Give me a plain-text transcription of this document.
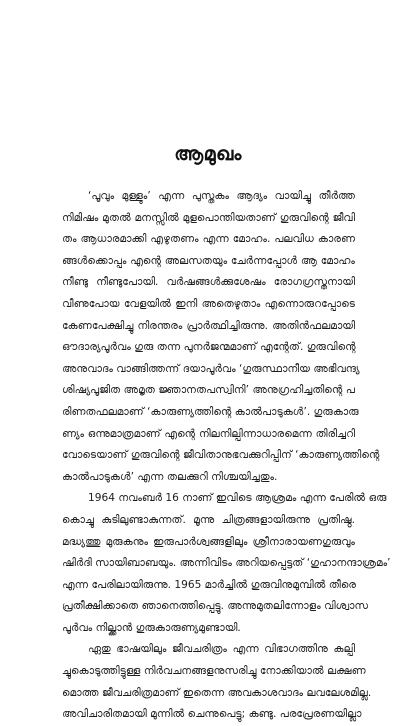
ആമുഖം
‘പൂവും മുള്ളും’ എന്ന പുസ്തകം ആദ്യം വായിച്ചു തീർത്ത
നിമിഷം മുതൽ മനസ്സിൽ മുളപൊന്തിയതാണ് ഗുരുവിന്റെ ജീവി
തം ആധാരമാക്കി എഴുതണം എന്ന മോഹം. പലവിധ കാരണ
ങ്ങൾക്കൊപ്പം എന്റെ അലസതയും ചേർന്നപ്പോൾ ആ മോഹം
നീണ്ടു നീണ്ടുപോയി. വർഷങ്ങൾക്കുശേഷം രോഗഗ്രസ്തനായി
വീണുപോയ വേളയിൽ ഇനി അതെഴുതാം എന്നൊരുറപ്പോടെ
കേണപേക്ഷിച്ചു നിരന്തരം പ്രാർത്ഥിച്ചിരുന്നു. അതിൻഫലമായി
ഔദാര്യപൂർവം ഗുരു തന്ന പുനർജന്മമാണ് എന്റേത്. ഗുരുവിന്റെ
അനുവാദം വാങ്ങിത്തന്ന് ദയാപൂർവം ‘ഗുരുസ്ഥാനീയ അഭിവന്ദ്യ
ശിഷ്യപൂജിത അമൃത ജ്ഞാനതപസ്വിനി’ അനുഗ്രഹിച്ചതിന്റെ പ
രിണതഫലമാണ് ‘കാരുണ്യത്തിന്റെ കാൽപാടുകൾ’. ഗുരുകാരു
ണ്യം ഒന്നുമാത്രമാണ് എന്റെ നിലനില്പിന്നാധാരമെന്ന തിരിച്ചറി
വോടെയാണ് ഗുരുവിന്റെ ജീവിതാനുഭവക്കുറിപ്പിന് ‘കാരുണ്യത്തിന്റെ
കാൽപാടുകൾ’ എന്ന തലക്കുറി നിശ്ചയിച്ചതും.
1964 നവംബർ 16 നാണ് ഇവിടെ ആശ്രമം എന്ന പേരിൽ ഒരു
കൊച്ചു കുടിലുണ്ടാകുന്നത്. മൂന്നു ചിത്രങ്ങളായിരുന്നു പ്രതിഷ്ഠ.
മദ്ധ്യത്തു മുരുകനും ഇരുപാർശ്വങ്ങളിലും ശ്രീനാരായണഗുരുവും
ഷിർദി സായിബാബയും. അന്നിവിടം അറിയപ്പെട്ടത് ‘ഗുഹാനന്ദാശ്രമം’
എന്ന പേരിലായിരുന്നു. 1965 മാർച്ചിൽ ഗുരുവിനുമുമ്പിൽ തീരെ
പ്രതീക്ഷിക്കാതെ ഞാനെത്തിപ്പെട്ടു. അന്നുമുതലിന്നോളം വിശ്വാസ
പൂർവം നില്ക്കാൻ ഗുരുകാരുണ്യമുണ്ടായി.
ഏതു ഭാഷയിലും ജീവചരിത്രം എന്ന വിഭാഗത്തിനു കല്പി
ച്ചുകൊടുത്തിട്ടുള്ള നിർവചനങ്ങളനുസരിച്ചു നോക്കിയാൽ ലക്ഷണ
മൊത്ത ജീവചരിത്രമാണ് ഇതെന്ന അവകാശവാദം ലവലേശമില്ല.
അവിചാരിതമായി മുന്നിൽ ചെന്നുപെട്ടു; കണ്ടു. പരപ്രേരണയില്ലാ
